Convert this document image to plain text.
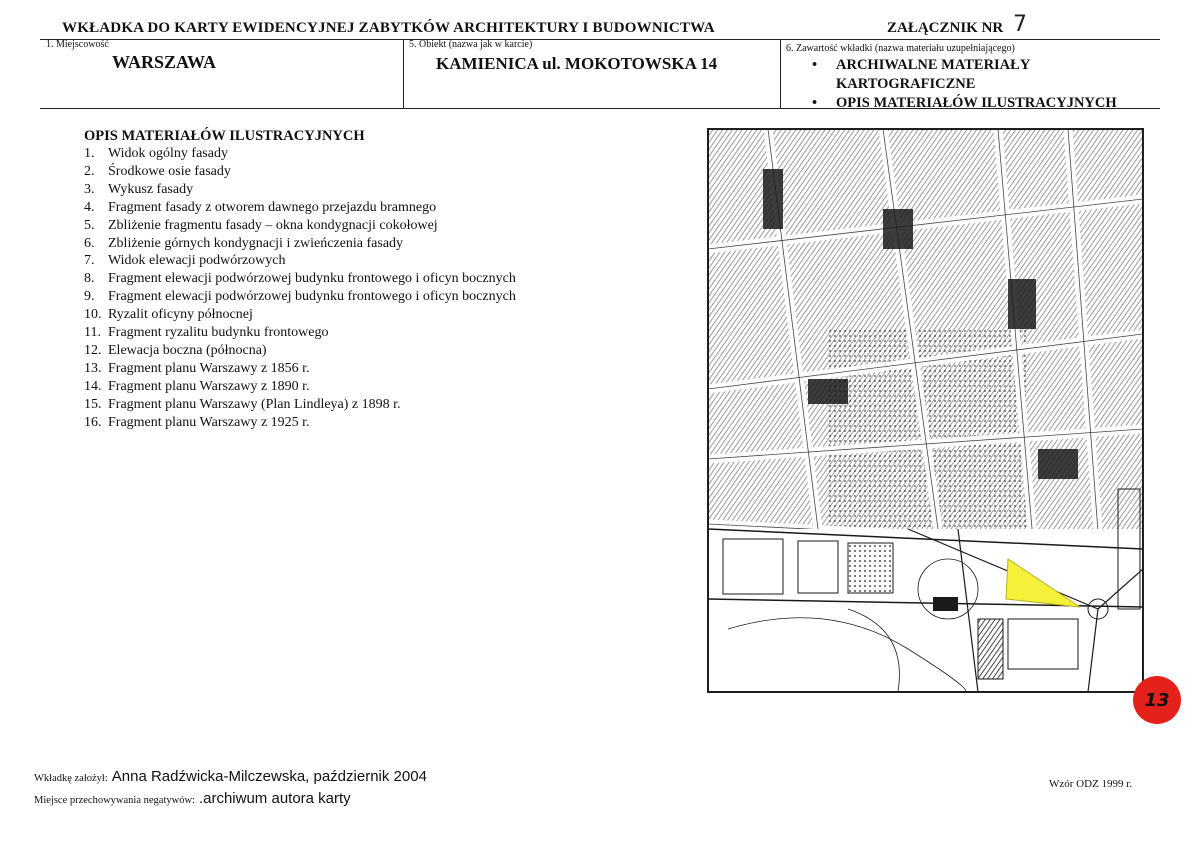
WKŁADKA DO KARTY EWIDENCYJNEJ ZABYTKÓW ARCHITEKTURY I BUDOWNICTWA	ZAŁĄCZNIK NR 7
1. Miejscowość
WARSZAWA
5. Obiekt (nazwa jak w karcie)
KAMIENICA ul. MOKOTOWSKA 14
6. Zawartość wkładki (nazwa materiału uzupełniającego)
• ARCHIWALNE MATERIAŁY
KARTOGRAFICZNE
• OPIS MATERIAŁÓW ILUSTRACYJNYCH
OPIS MATERIAŁÓW ILUSTRACYJNYCH
1. Widok ogólny fasady
2. Środkowe osie fasady
3. Wykusz fasady
4. Fragment fasady z otworem dawnego przejazdu bramnego
5. Zbliżenie fragmentu fasady – okna kondygnacji cokołowej
6. Zbliżenie górnych kondygnacji i zwieńczenia fasady
7. Widok elewacji podwórzowych
8. Fragment elewacji podwórzowej budynku frontowego i oficyn bocznych
9. Fragment elewacji podwórzowej budynku frontowego i oficyn bocznych
10. Ryzalit oficyny północnej
11. Fragment ryzalitu budynku frontowego
12. Elewacja boczna (północna)
13. Fragment planu Warszawy z 1856 r.
14. Fragment planu Warszawy z 1890 r.
15. Fragment planu Warszawy (Plan Lindleya) z 1898 r.
16. Fragment planu Warszawy z 1925 r.
13
Wkładkę założył: Anna Radźwicka-Milczewska, październik 2004
Miejsce przechowywania negatywów: .archiwum autora karty
Wzór ODZ 1999 r.
